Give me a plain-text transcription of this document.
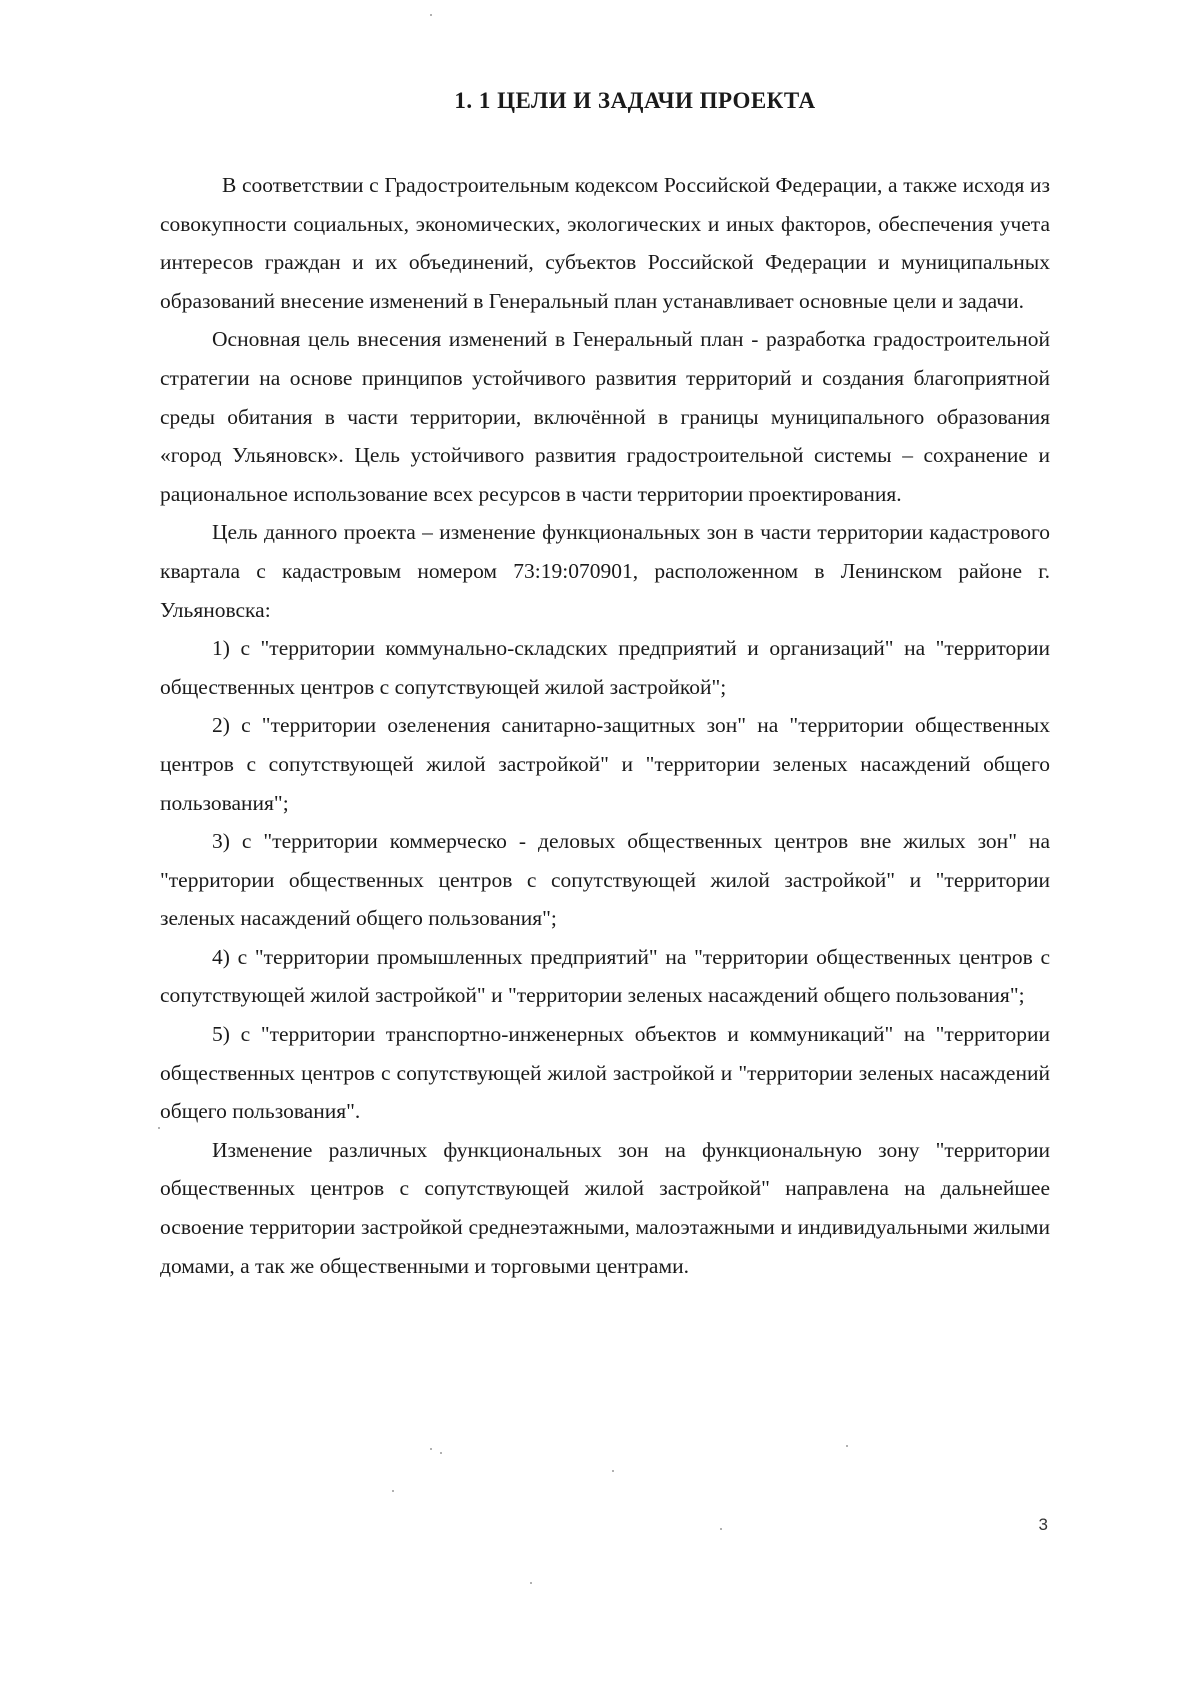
1. 1 ЦЕЛИ И ЗАДАЧИ ПРОЕКТА

В соответствии с Градостроительным кодексом Российской Федерации, а также исходя из совокупности социальных, экономических, экологических и иных факторов, обеспечения учета интересов граждан и их объединений, субъектов Российской Федерации и муниципальных образований внесение изменений в Генеральный план устанавливает основные цели и задачи.

Основная цель внесения изменений в Генеральный план - разработка градостроительной стратегии на основе принципов устойчивого развития территорий и создания благоприятной среды обитания в части территории, включённой в границы муниципального образования «город Ульяновск». Цель устойчивого развития градостроительной системы – сохранение и рациональное использование всех ресурсов в части территории проектирования.

Цель данного проекта – изменение функциональных зон в части территории кадастрового квартала с кадастровым номером 73:19:070901, расположенном в Ленинском районе г. Ульяновска:

1) с "территории коммунально-складских предприятий и организаций" на "территории общественных центров с сопутствующей жилой застройкой";

2) с "территории озеленения санитарно-защитных зон" на "территории общественных центров с сопутствующей жилой застройкой" и "территории зеленых насаждений общего пользования";

3) с "территории коммерческо - деловых общественных центров вне жилых зон" на "территории общественных центров с сопутствующей жилой застройкой" и "территории зеленых насаждений общего пользования";

4) с "территории промышленных предприятий" на "территории общественных центров с сопутствующей жилой застройкой" и "территории зеленых насаждений общего пользования";

5) с "территории транспортно-инженерных объектов и коммуникаций" на "территории общественных центров с сопутствующей жилой застройкой и "территории зеленых насаждений общего пользования".

Изменение различных функциональных зон на функциональную зону "территории общественных центров с сопутствующей жилой застройкой" направлена на дальнейшее освоение территории застройкой среднеэтажными, малоэтажными и индивидуальными жилыми домами, а так же общественными и торговыми центрами.

3
